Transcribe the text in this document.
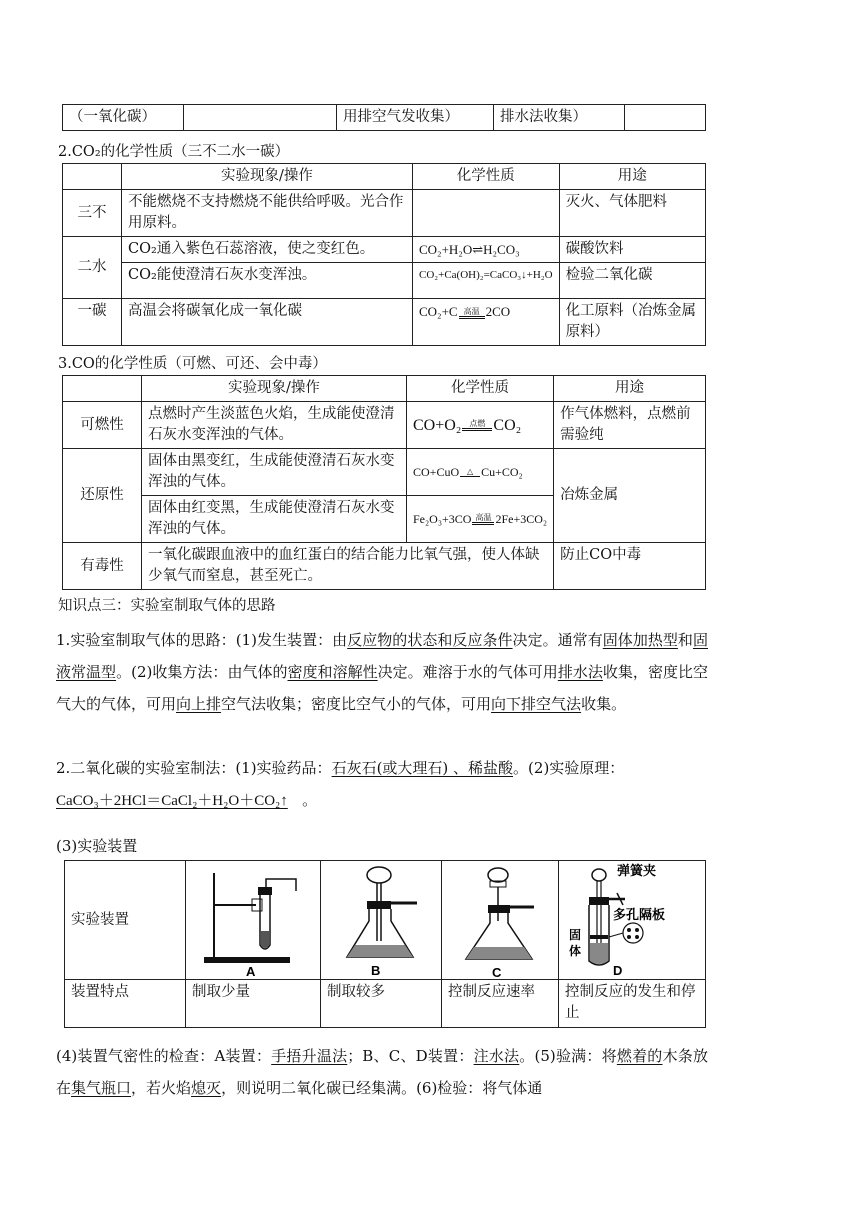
（一氧化碳）		用排空气发收集）	排水法收集）	
2.CO₂的化学性质（三不二水一碳）
	实验现象/操作	化学性质	用途
三不	不能燃烧不支持燃烧不能供给呼吸。光合作用原料。		灭火、气体肥料
二水	CO₂通入紫色石蕊溶液，使之变红色。	CO₂+H₂O⇌H₂CO₃	碳酸饮料
	CO₂能使澄清石灰水变浑浊。	CO₂+Ca(OH)₂=CaCO₃↓+H₂O	检验二氧化碳
一碳	高温会将碳氧化成一氧化碳	CO₂+C 高温 2CO	化工原料（冶炼金属原料）
3.CO的化学性质（可燃、可还、会中毒）
	实验现象/操作	化学性质	用途
可燃性	点燃时产生淡蓝色火焰，生成能使澄清石灰水变浑浊的气体。	CO+O₂ 点燃 CO₂	作气体燃料，点燃前需验纯
还原性	固体由黑变红，生成能使澄清石灰水变浑浊的气体。	CO+CuO △ Cu+CO₂	冶炼金属
	固体由红变黑，生成能使澄清石灰水变浑浊的气体。	Fe₂O₃+3CO 高温 2Fe+3CO₂	
有毒性	一氧化碳跟血液中的血红蛋白的结合能力比氧气强，使人体缺少氧气而窒息，甚至死亡。		防止CO中毒
知识点三：实验室制取气体的思路
1.实验室制取气体的思路：(1)发生装置：由反应物的状态和反应条件决定。通常有固体加热型和固液常温型。(2)收集方法：由气体的密度和溶解性决定。难溶于水的气体可用排水法收集，密度比空气大的气体，可用向上排空气法收集；密度比空气小的气体，可用向下排空气法收集。
2.二氧化碳的实验室制法：(1)实验药品：石灰石(或大理石) 、稀盐酸。(2)实验原理：
CaCO₃＋2HCl＝CaCl₂＋H₂O＋CO₂↑ 。
(3)实验装置
实验装置	A	B	C	弹簧夹
多孔隔板
固
体
D

装置特点	制取少量	制取较多	控制反应速率	控制反应的发生和停止
(4)装置气密性的检查：A装置：手捂升温法；B、C、D装置：注水法。(5)验满：将燃着的木条放在集气瓶口，若火焰熄灭，则说明二氧化碳已经集满。(6)检验：将气体通
